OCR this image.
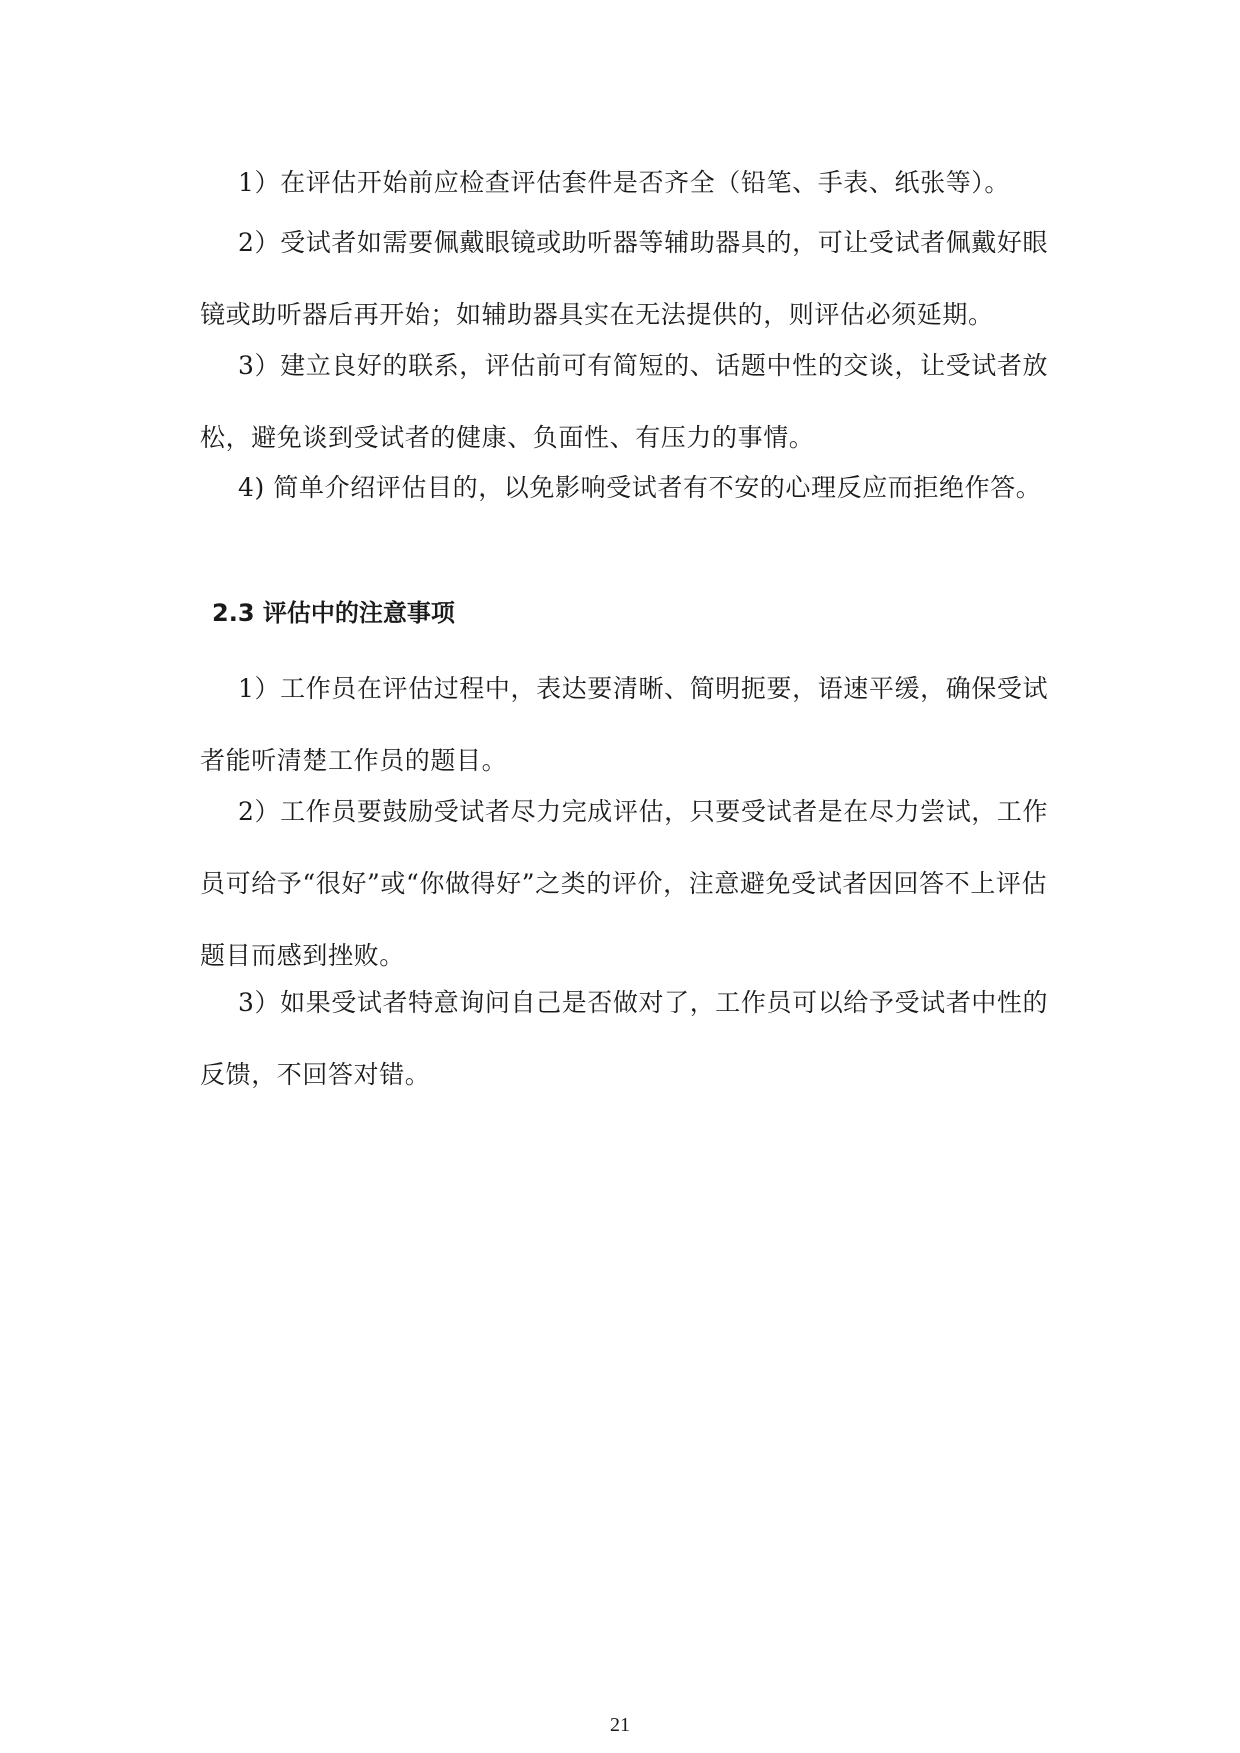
1）在评估开始前应检查评估套件是否齐全（铅笔、手表、纸张等）。

2）受试者如需要佩戴眼镜或助听器等辅助器具的，可让受试者佩戴好眼镜或助听器后再开始；如辅助器具实在无法提供的，则评估必须延期。

3）建立良好的联系，评估前可有简短的、话题中性的交谈，让受试者放松，避免谈到受试者的健康、负面性、有压力的事情。

4) 简单介绍评估目的，以免影响受试者有不安的心理反应而拒绝作答。

2.3 评估中的注意事项

1）工作员在评估过程中，表达要清晰、简明扼要，语速平缓，确保受试者能听清楚工作员的题目。

2）工作员要鼓励受试者尽力完成评估，只要受试者是在尽力尝试，工作员可给予“很好”或“你做得好”之类的评价，注意避免受试者因回答不上评估题目而感到挫败。

3）如果受试者特意询问自己是否做对了，工作员可以给予受试者中性的反馈，不回答对错。

21
